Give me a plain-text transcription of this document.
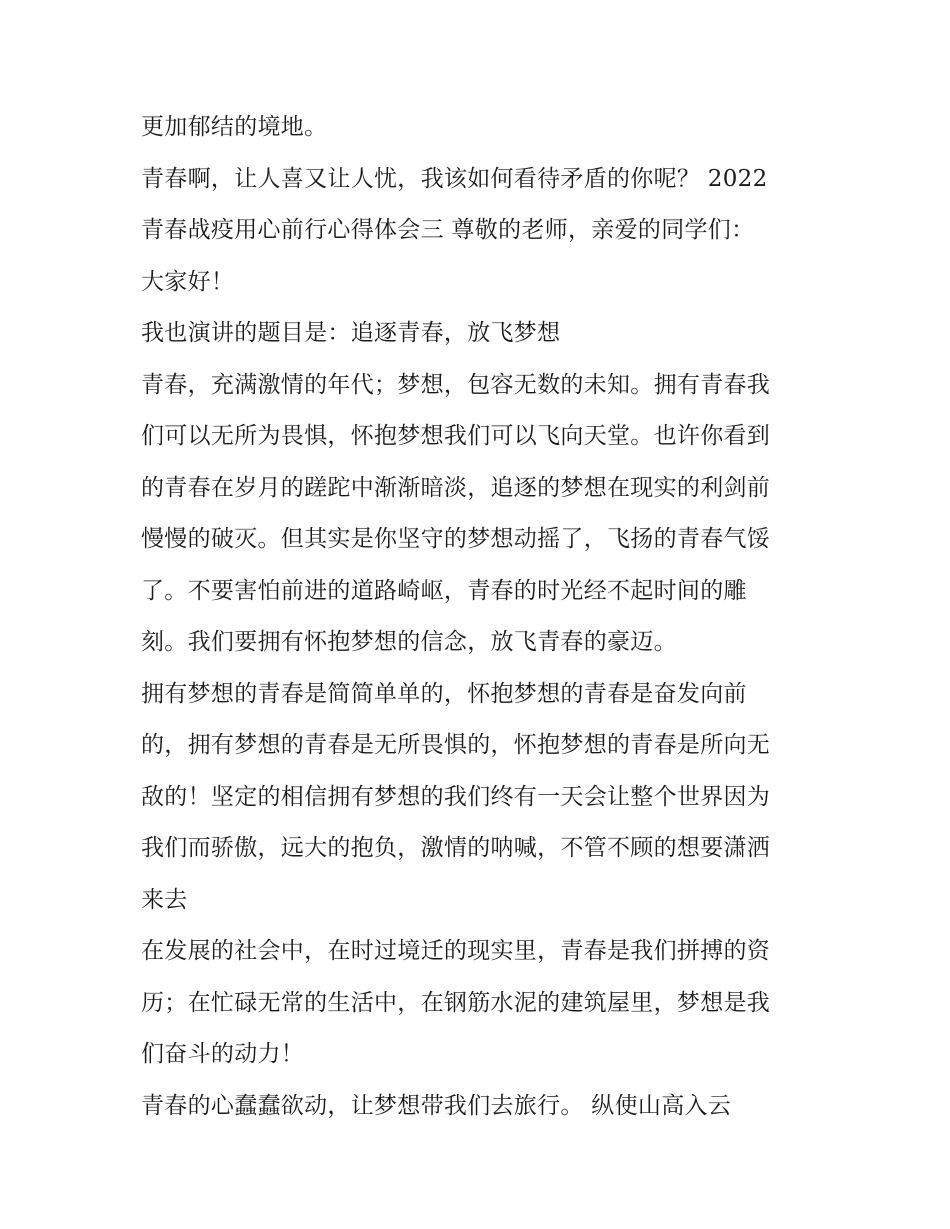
更加郁结的境地。
青春啊，让人喜又让人忧，我该如何看待矛盾的你呢？ 2022
青春战疫用心前行心得体会三 尊敬的老师，亲爱的同学们：
大家好！
我也演讲的题目是：追逐青春，放飞梦想
青春，充满激情的年代；梦想，包容无数的未知。拥有青春我
们可以无所为畏惧，怀抱梦想我们可以飞向天堂。也许你看到
的青春在岁月的蹉跎中渐渐暗淡，追逐的梦想在现实的利剑前
慢慢的破灭。但其实是你坚守的梦想动摇了，飞扬的青春气馁
了。不要害怕前进的道路崎岖，青春的时光经不起时间的雕
刻。我们要拥有怀抱梦想的信念，放飞青春的豪迈。
拥有梦想的青春是简简单单的，怀抱梦想的青春是奋发向前
的，拥有梦想的青春是无所畏惧的，怀抱梦想的青春是所向无
敌的！坚定的相信拥有梦想的我们终有一天会让整个世界因为
我们而骄傲，远大的抱负，激情的呐喊，不管不顾的想要潇洒
来去
在发展的社会中，在时过境迁的现实里，青春是我们拼搏的资
历；在忙碌无常的生活中，在钢筋水泥的建筑屋里，梦想是我
们奋斗的动力！
青春的心蠢蠢欲动，让梦想带我们去旅行。 纵使山高入云
